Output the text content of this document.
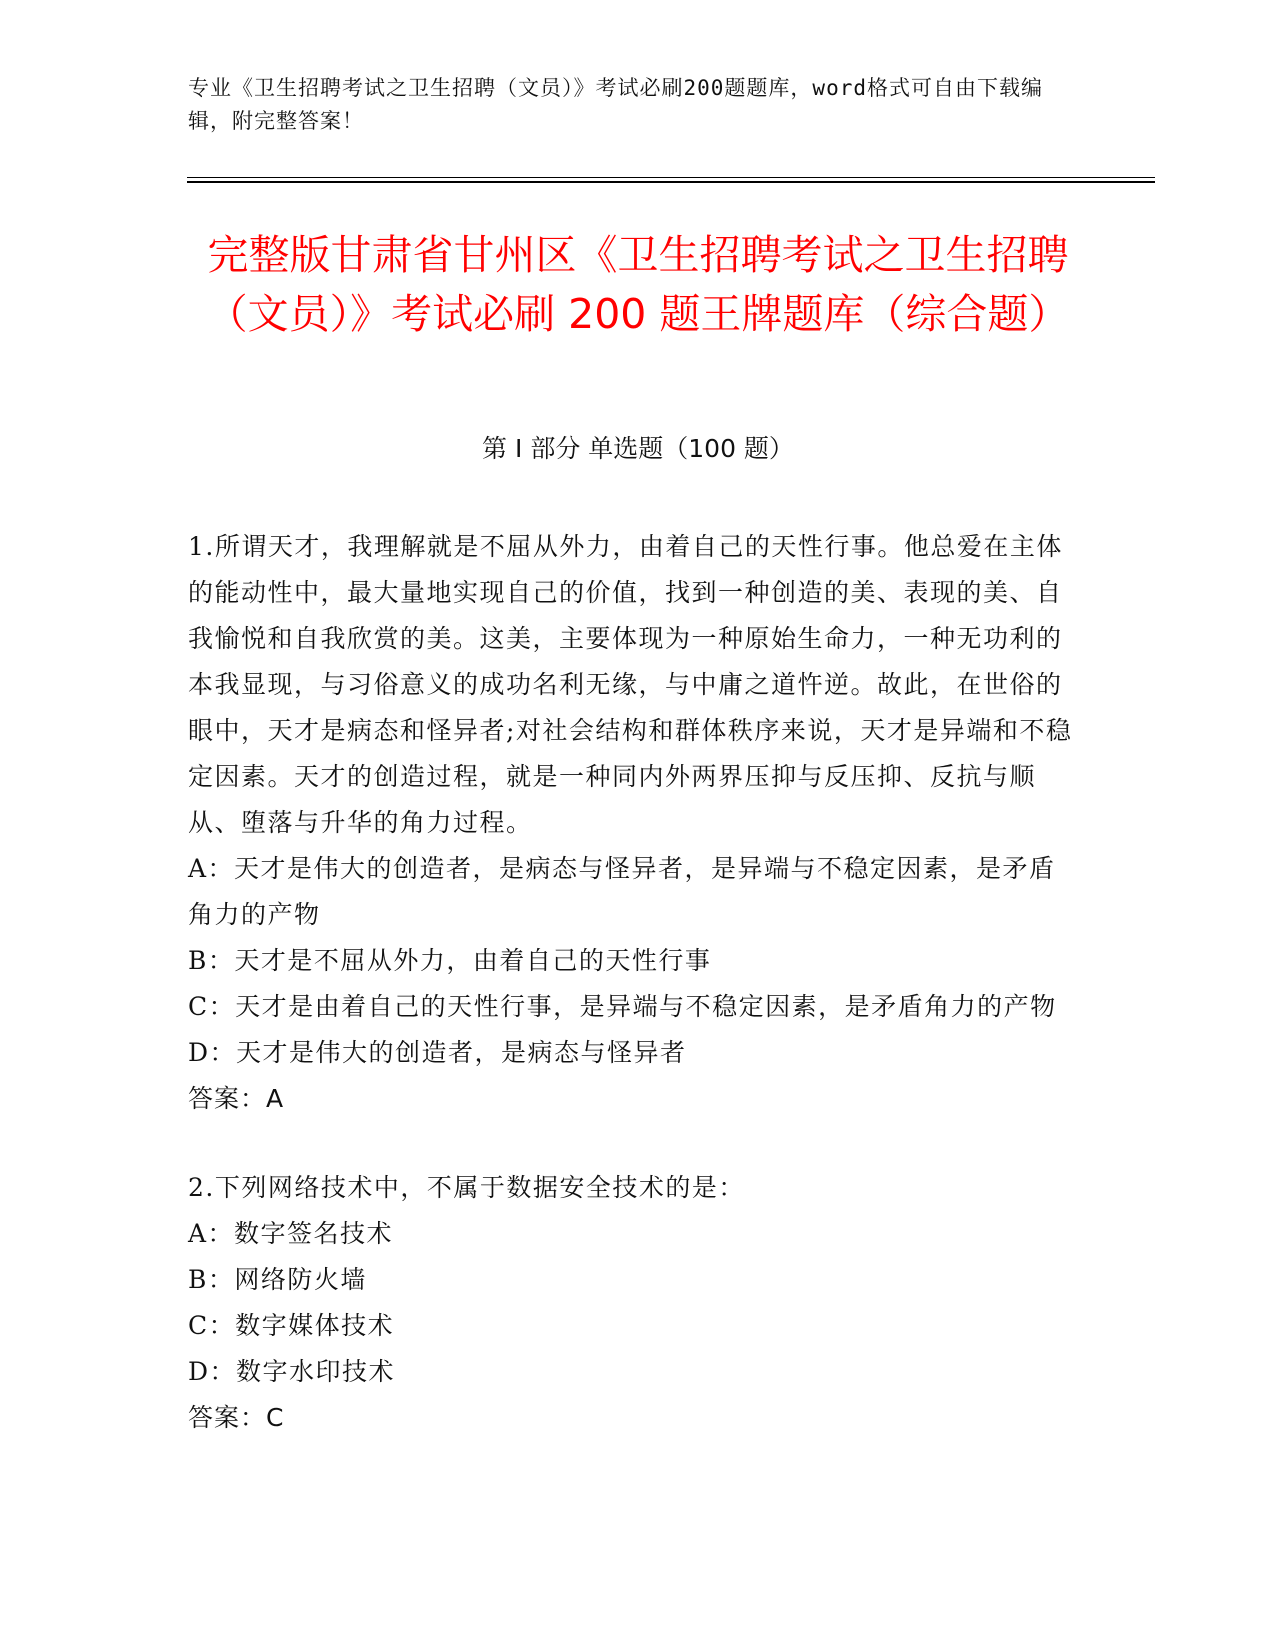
专业《卫生招聘考试之卫生招聘（文员）》考试必刷200题题库，word格式可自由下载编辑，附完整答案！
完整版甘肃省甘州区《卫生招聘考试之卫生招聘（文员）》考试必刷 200 题王牌题库（综合题）
第 I 部分 单选题（100 题）

1.所谓天才，我理解就是不屈从外力，由着自己的天性行事。他总爱在主体的能动性中，最大量地实现自己的价值，找到一种创造的美、表现的美、自我愉悦和自我欣赏的美。这美，主要体现为一种原始生命力，一种无功利的本我显现，与习俗意义的成功名利无缘，与中庸之道忤逆。故此，在世俗的眼中，天才是病态和怪异者;对社会结构和群体秩序来说，天才是异端和不稳定因素。天才的创造过程，就是一种同内外两界压抑与反压抑、反抗与顺从、堕落与升华的角力过程。

A：天才是伟大的创造者，是病态与怪异者，是异端与不稳定因素，是矛盾角力的产物

B：天才是不屈从外力，由着自己的天性行事

C：天才是由着自己的天性行事，是异端与不稳定因素，是矛盾角力的产物

D：天才是伟大的创造者，是病态与怪异者

答案：A

2.下列网络技术中，不属于数据安全技术的是：

A：数字签名技术

B：网络防火墙

C：数字媒体技术

D：数字水印技术

答案：C
